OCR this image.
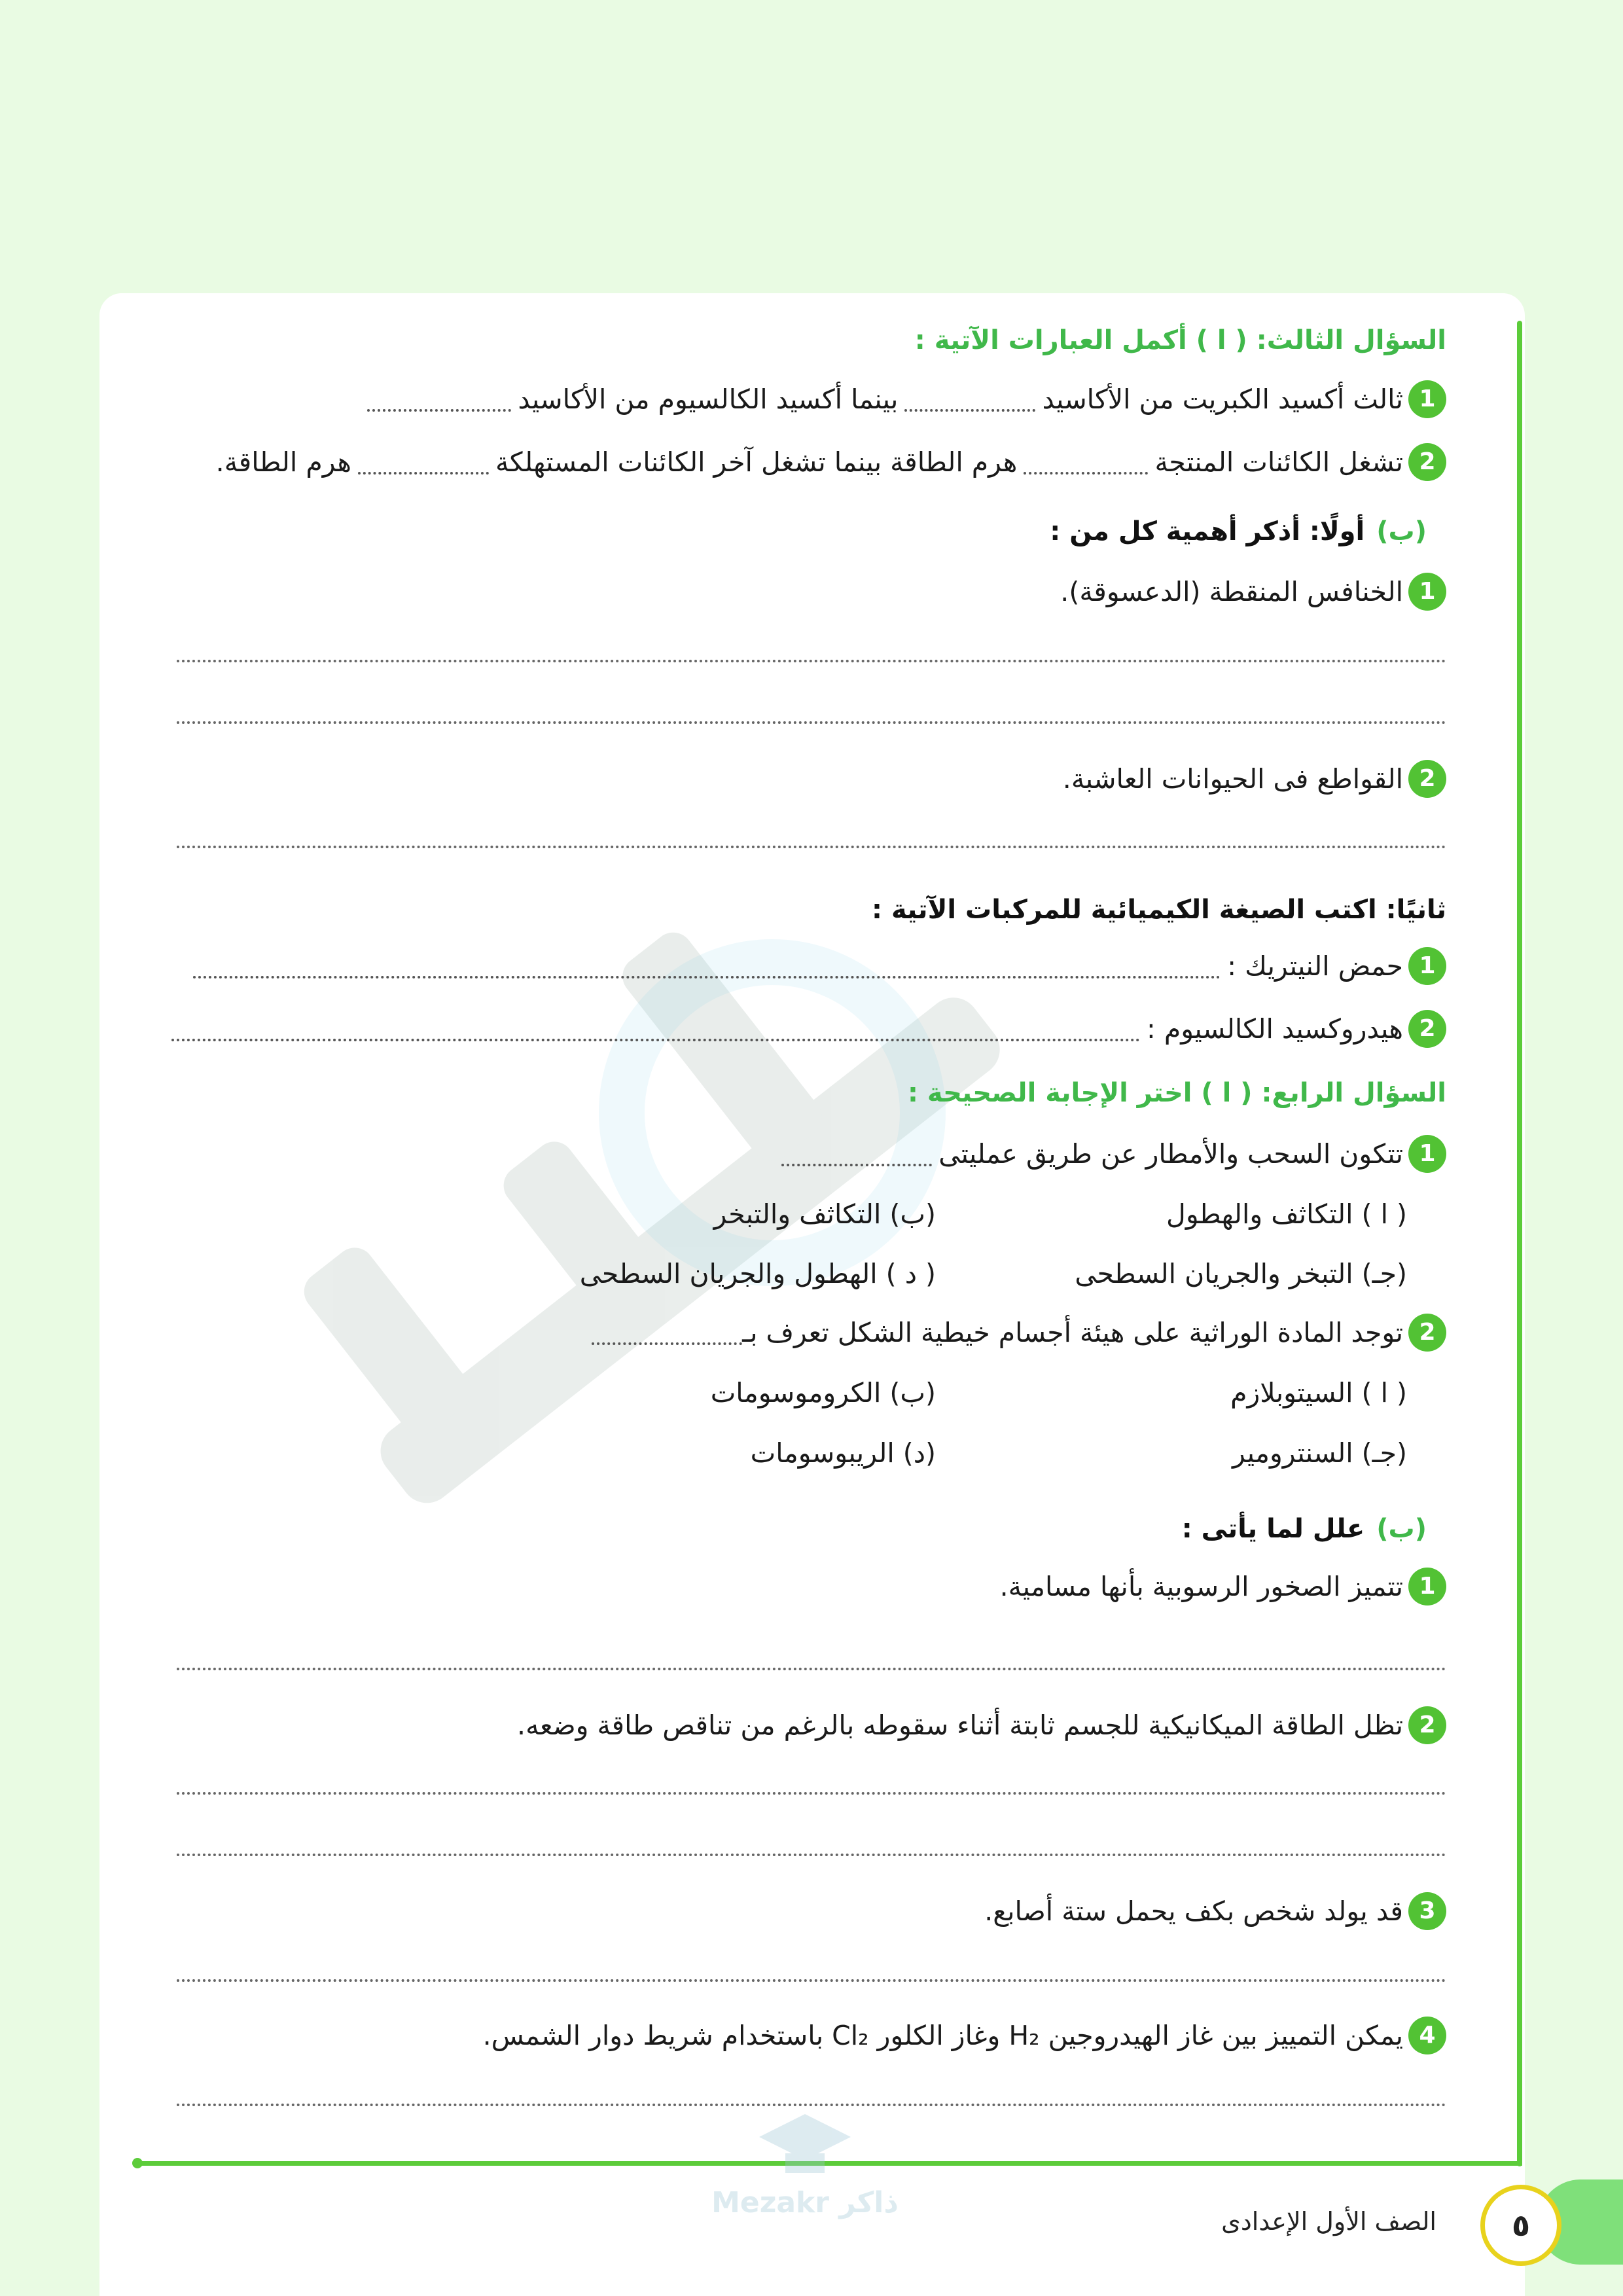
السؤال الثالث: ( ا ) أكمل العبارات الآتية :
1
ثالث أكسيد الكبريت من الأكاسيد
بينما أكسيد الكالسيوم من الأكاسيد
2
تشغل الكائنات المنتجة
هرم الطاقة بينما تشغل آخر الكائنات المستهلكة
هرم الطاقة.
(ب)
أولًا: أذكر أهمية كل من :
1
الخنافس المنقطة (الدعسوقة).
2
القواطع فى الحيوانات العاشبة.
ثانيًا: اكتب الصيغة الكيميائية للمركبات الآتية :
1
حمض النيتريك :
2
هيدروكسيد الكالسيوم :
السؤال الرابع: ( ا ) اختر الإجابة الصحيحة :
1
تتكون السحب والأمطار عن طريق عمليتى
( ا ) التكاثف والهطول
(ب) التكاثف والتبخر
(جـ) التبخر والجريان السطحى
( د ) الهطول والجريان السطحى
2
توجد المادة الوراثية على هيئة أجسام خيطية الشكل تعرف بـ
( ا ) السيتوبلازم
(ب) الكروموسومات
(جـ) السنترومير
(د) الريبوسومات
(ب)
علل لما يأتى :
1
تتميز الصخور الرسوبية بأنها مسامية.
2
تظل الطاقة الميكانيكية للجسم ثابتة أثناء سقوطه بالرغم من تناقص طاقة وضعه.
3
قد يولد شخص بكف يحمل ستة أصابع.
4
يمكن التمييز بين غاز الهيدروجين H₂ وغاز الكلور Cl₂ باستخدام شريط دوار الشمس.
ذاكر Mezakr
٥
الصف الأول الإعدادى
